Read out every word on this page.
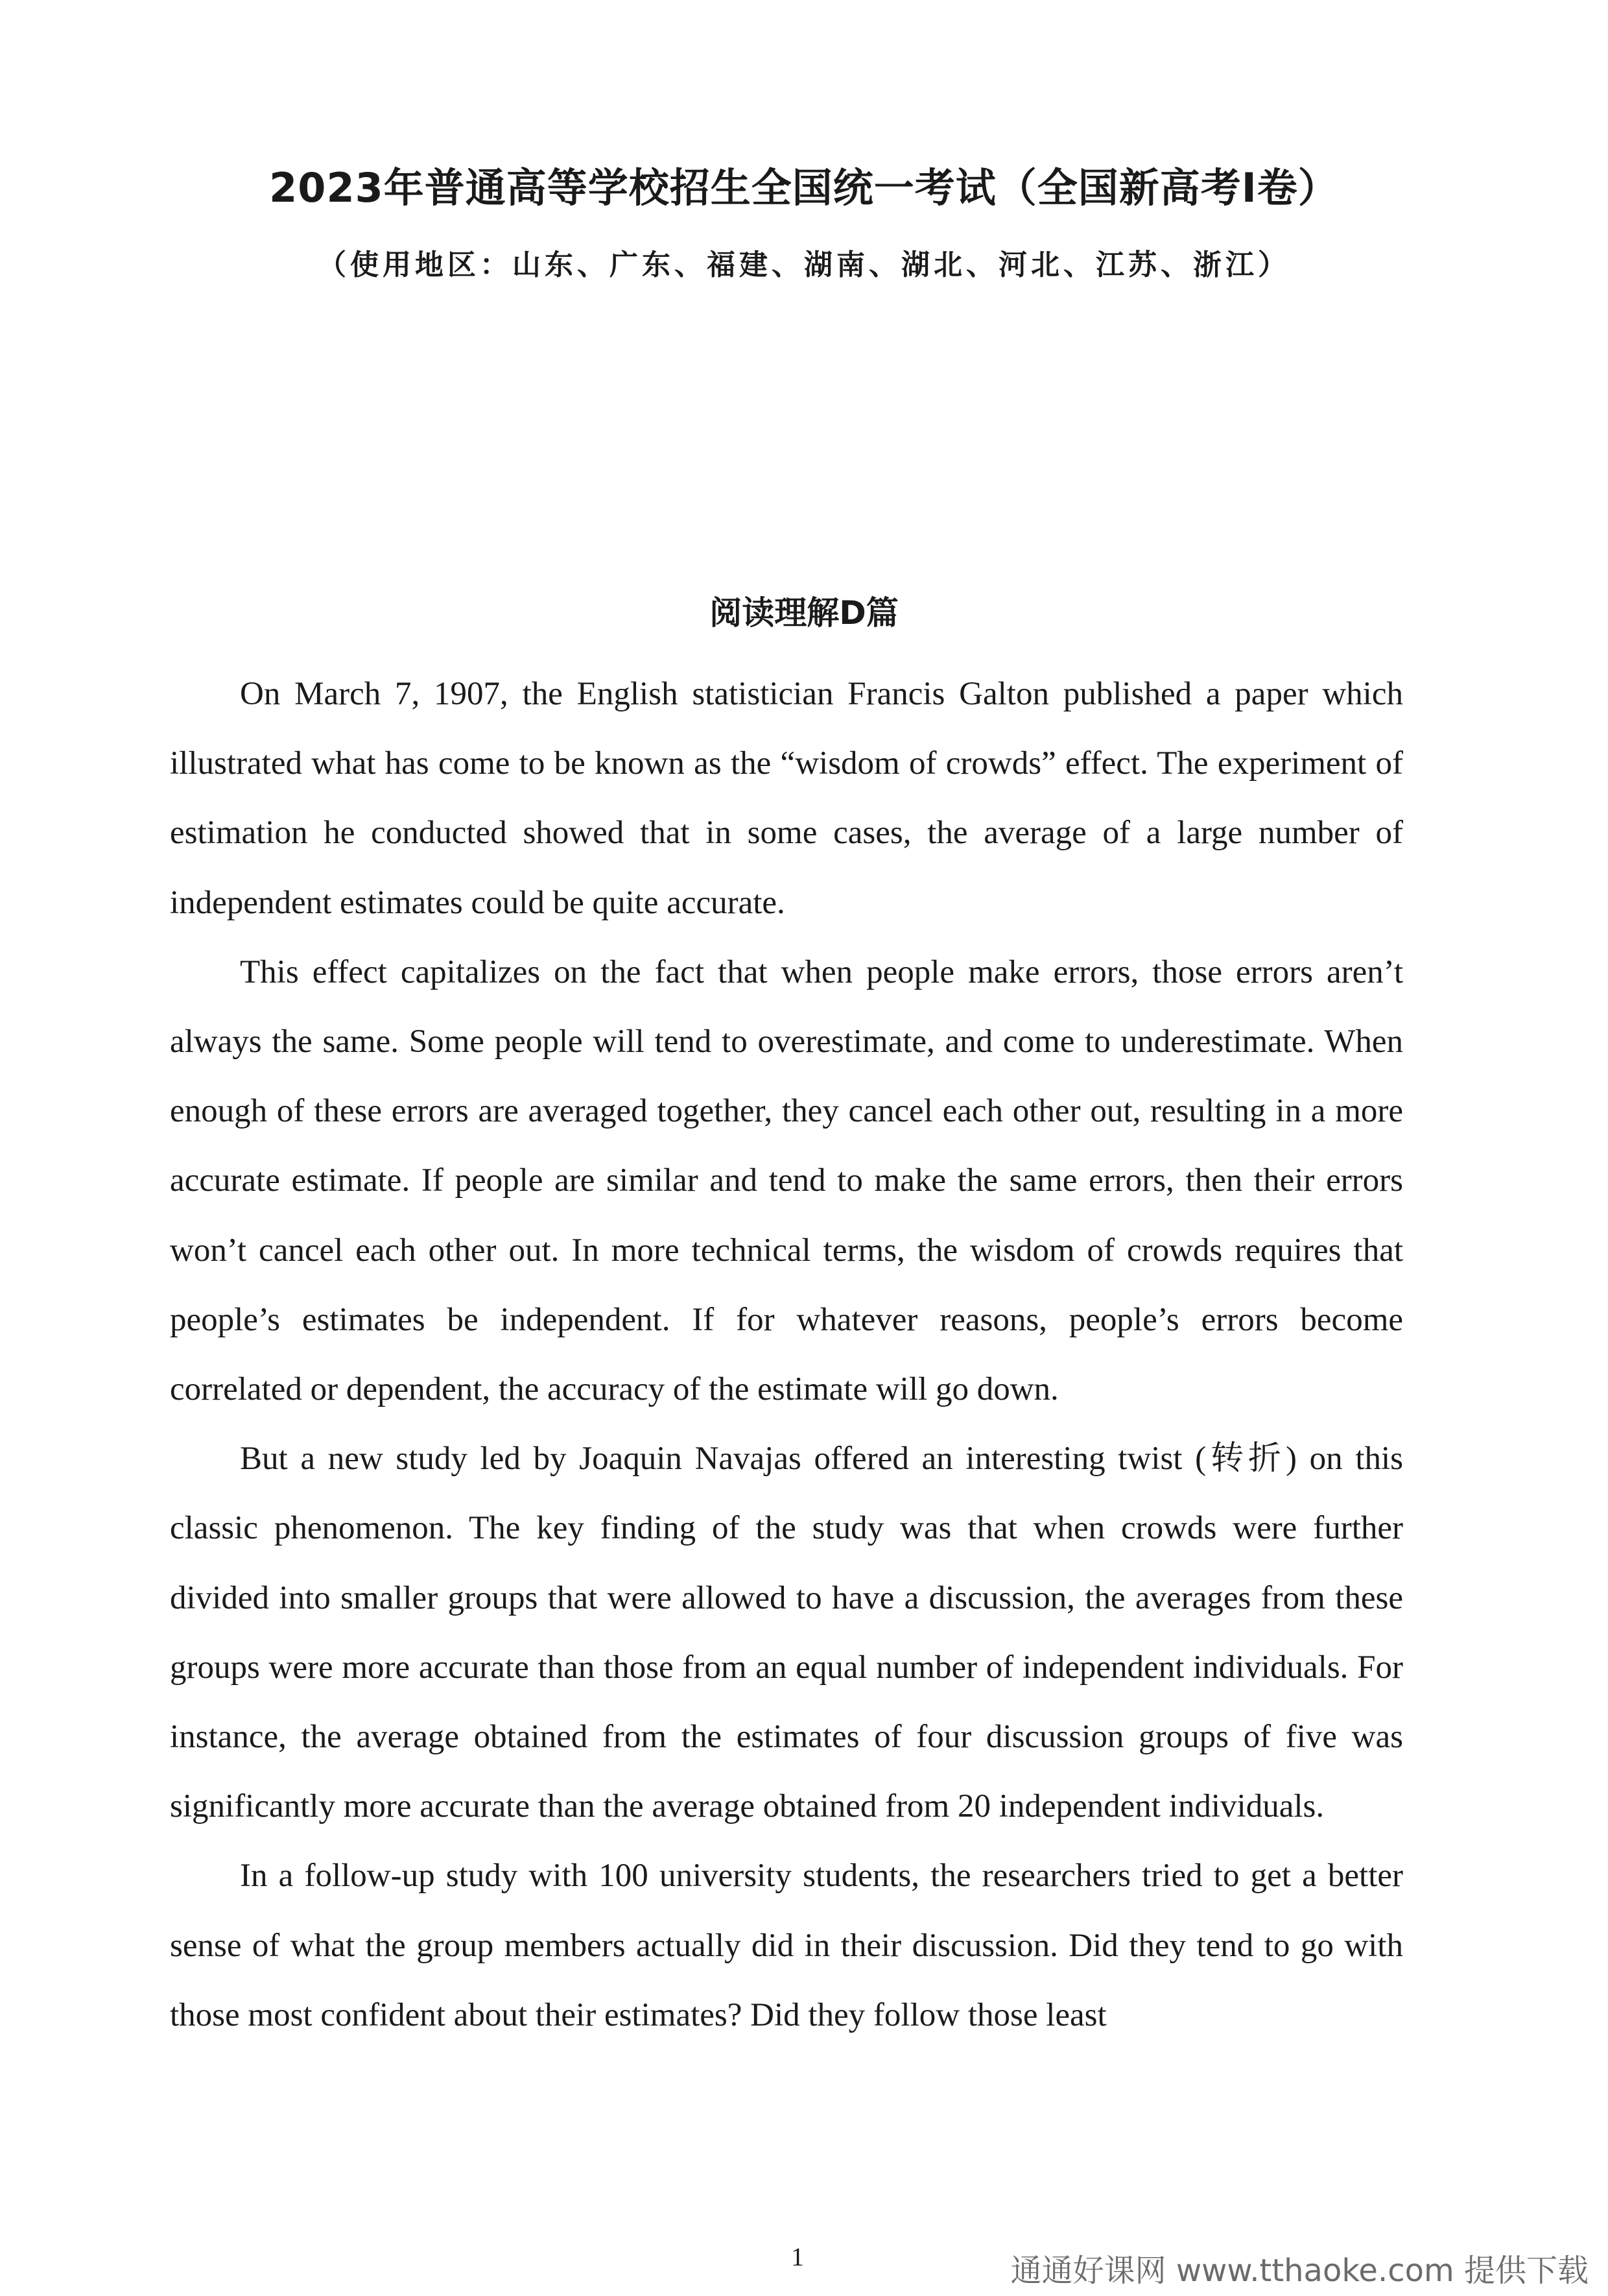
2023年普通高等学校招生全国统一考试（全国新高考I卷）
（使用地区：山东、广东、福建、湖南、湖北、河北、江苏、浙江）
阅读理解D篇

On March 7, 1907, the English statistician Francis Galton published a paper which illustrated what has come to be known as the “wisdom of crowds” effect. The experiment of estimation he conducted showed that in some cases, the average of a large number of independent estimates could be quite accurate.

This effect capitalizes on the fact that when people make errors, those errors aren’t always the same. Some people will tend to overestimate, and come to underestimate. When enough of these errors are averaged together, they cancel each other out, resulting in a more accurate estimate. If people are similar and tend to make the same errors, then their errors won’t cancel each other out. In more technical terms, the wisdom of crowds requires that people’s estimates be independent. If for whatever reasons, people’s errors become correlated or dependent, the accuracy of the estimate will go down.

But a new study led by Joaquin Navajas offered an interesting twist (转折) on this classic phenomenon. The key finding of the study was that when crowds were further divided into smaller groups that were allowed to have a discussion, the averages from these groups were more accurate than those from an equal number of independent individuals. For instance, the average obtained from the estimates of four discussion groups of five was significantly more accurate than the average obtained from 20 independent individuals.

In a follow-up study with 100 university students, the researchers tried to get a better sense of what the group members actually did in their discussion. Did they tend to go with those most confident about their estimates? Did they follow those least

1	通通好课网 www.tthaoke.com 提供下载
